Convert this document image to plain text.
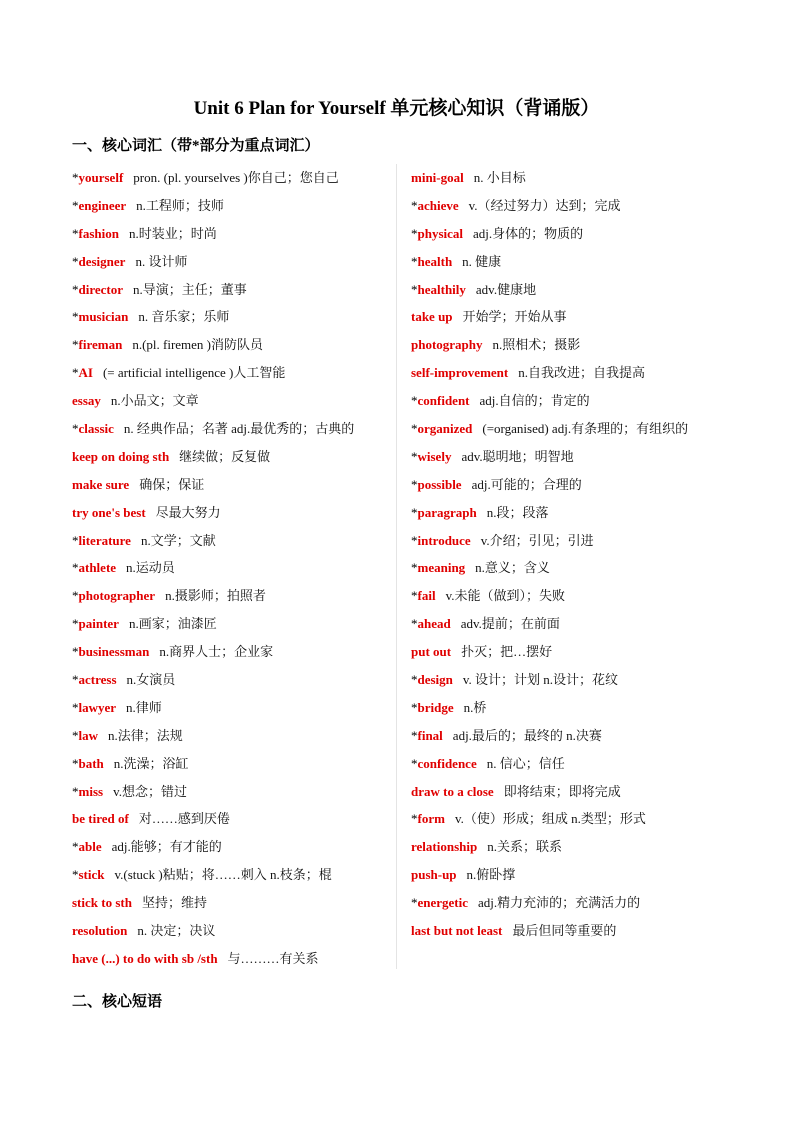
Unit 6 Plan for Yourself 单元核心知识（背诵版）
一、核心词汇（带*部分为重点词汇）
*yourself pron. (pl. yourselves )你自己；您自己
*engineer n.工程师；技师
*fashion n.时装业；时尚
*designer n. 设计师
*director n.导演；主任；董事
*musician n. 音乐家；乐师
*fireman n.(pl. firemen )消防队员
*AI (= artificial intelligence )人工智能
essay n.小品文；文章
*classic n. 经典作品；名著 adj.最优秀的；古典的
keep on doing sth 继续做；反复做
make sure 确保；保证
try one's best 尽最大努力
*literature n.文学；文献
*athlete n.运动员
*photographer n.摄影师；拍照者
*painter n.画家；油漆匠
*businessman n.商界人士；企业家
*actress n.女演员
*lawyer n.律师
*law n.法律；法规
*bath n.洗澡；浴缸
*miss v.想念；错过
be tired of 对……感到厌倦
*able adj.能够；有才能的
*stick v.(stuck )粘贴；将……刺入 n.枝条；棍
stick to sth 坚持；维持
resolution n. 决定；决议
have (...) to do with sb /sth 与………有关系
mini-goal n. 小目标
*achieve v.（经过努力）达到；完成
*physical adj.身体的；物质的
*health n. 健康
*healthily adv.健康地
take up 开始学；开始从事
photography n.照相术；摄影
self-improvement n.自我改进；自我提高
*confident adj.自信的；肯定的
*organized (=organised) adj.有条理的；有组织的
*wisely adv.聪明地；明智地
*possible adj.可能的；合理的
*paragraph n.段；段落
*introduce v.介绍；引见；引进
*meaning n.意义；含义
*fail v.未能（做到）；失败
*ahead adv.提前；在前面
put out 扑灭；把…摆好
*design v. 设计；计划 n.设计；花纹
*bridge n.桥
*final adj.最后的；最终的 n.决赛
*confidence n. 信心；信任
draw to a close 即将结束；即将完成
*form v.（使）形成；组成 n.类型；形式
relationship n.关系；联系
push-up n.俯卧撑
*energetic adj.精力充沛的；充满活力的
last but not least 最后但同等重要的
二、核心短语
